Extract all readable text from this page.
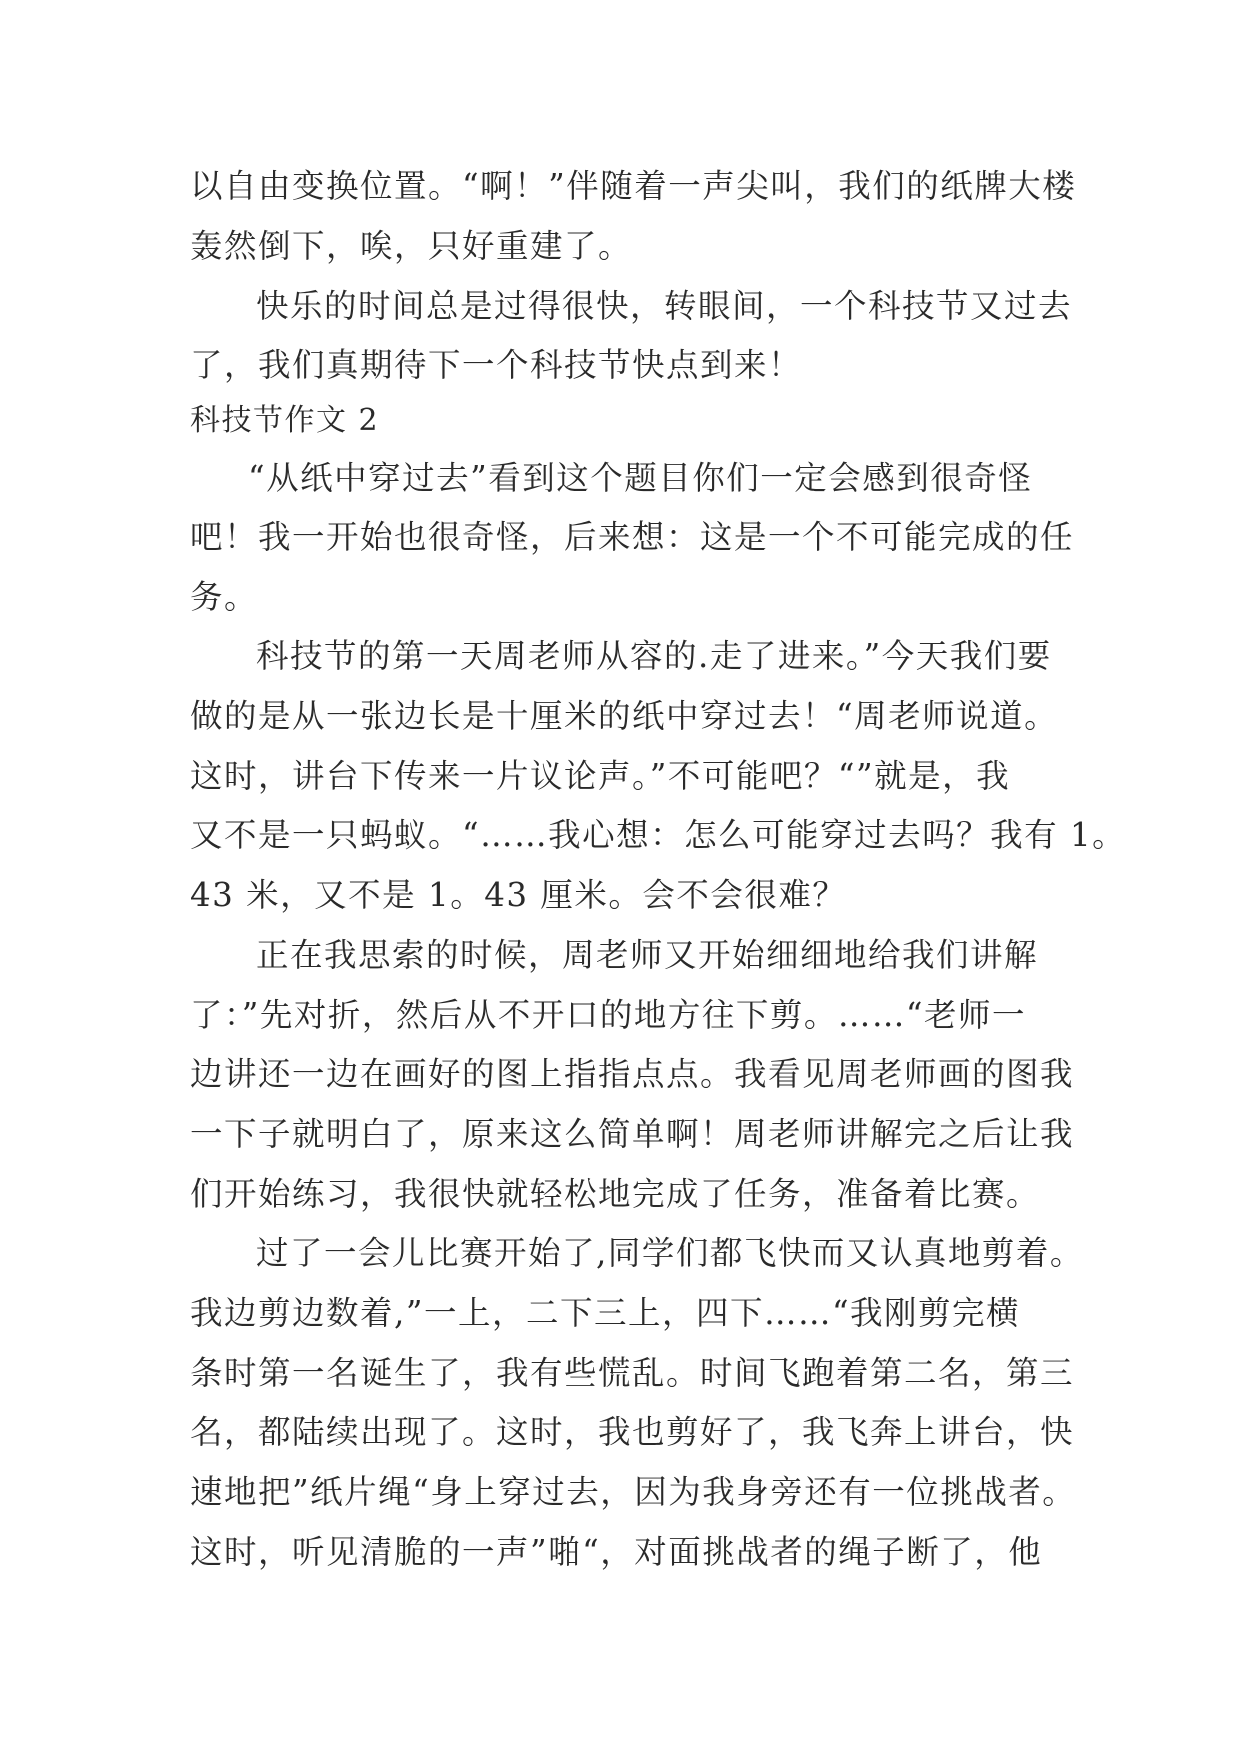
以自由变换位置。“啊！”伴随着一声尖叫，我们的纸牌大楼
轰然倒下，唉，只好重建了。
快乐的时间总是过得很快，转眼间，一个科技节又过去
了，我们真期待下一个科技节快点到来！
科技节作文 2
“从纸中穿过去”看到这个题目你们一定会感到很奇怪
吧！我一开始也很奇怪，后来想：这是一个不可能完成的任
务。
科技节的第一天周老师从容的.走了进来。”今天我们要
做的是从一张边长是十厘米的纸中穿过去！“周老师说道。
这时，讲台下传来一片议论声。”不可能吧？“”就是，我
又不是一只蚂蚁。“……我心想：怎么可能穿过去吗？我有 1。
43 米，又不是 1。43 厘米。会不会很难？
正在我思索的时候，周老师又开始细细地给我们讲解
了：”先对折，然后从不开口的地方往下剪。……“老师一
边讲还一边在画好的图上指指点点。我看见周老师画的图我
一下子就明白了，原来这么简单啊！周老师讲解完之后让我
们开始练习，我很快就轻松地完成了任务，准备着比赛。
过了一会儿比赛开始了,同学们都飞快而又认真地剪着。
我边剪边数着,”一上，二下三上，四下……“我刚剪完横
条时第一名诞生了，我有些慌乱。时间飞跑着第二名，第三
名，都陆续出现了。这时，我也剪好了，我飞奔上讲台，快
速地把”纸片绳“身上穿过去，因为我身旁还有一位挑战者。
这时，听见清脆的一声”啪“，对面挑战者的绳子断了，他
